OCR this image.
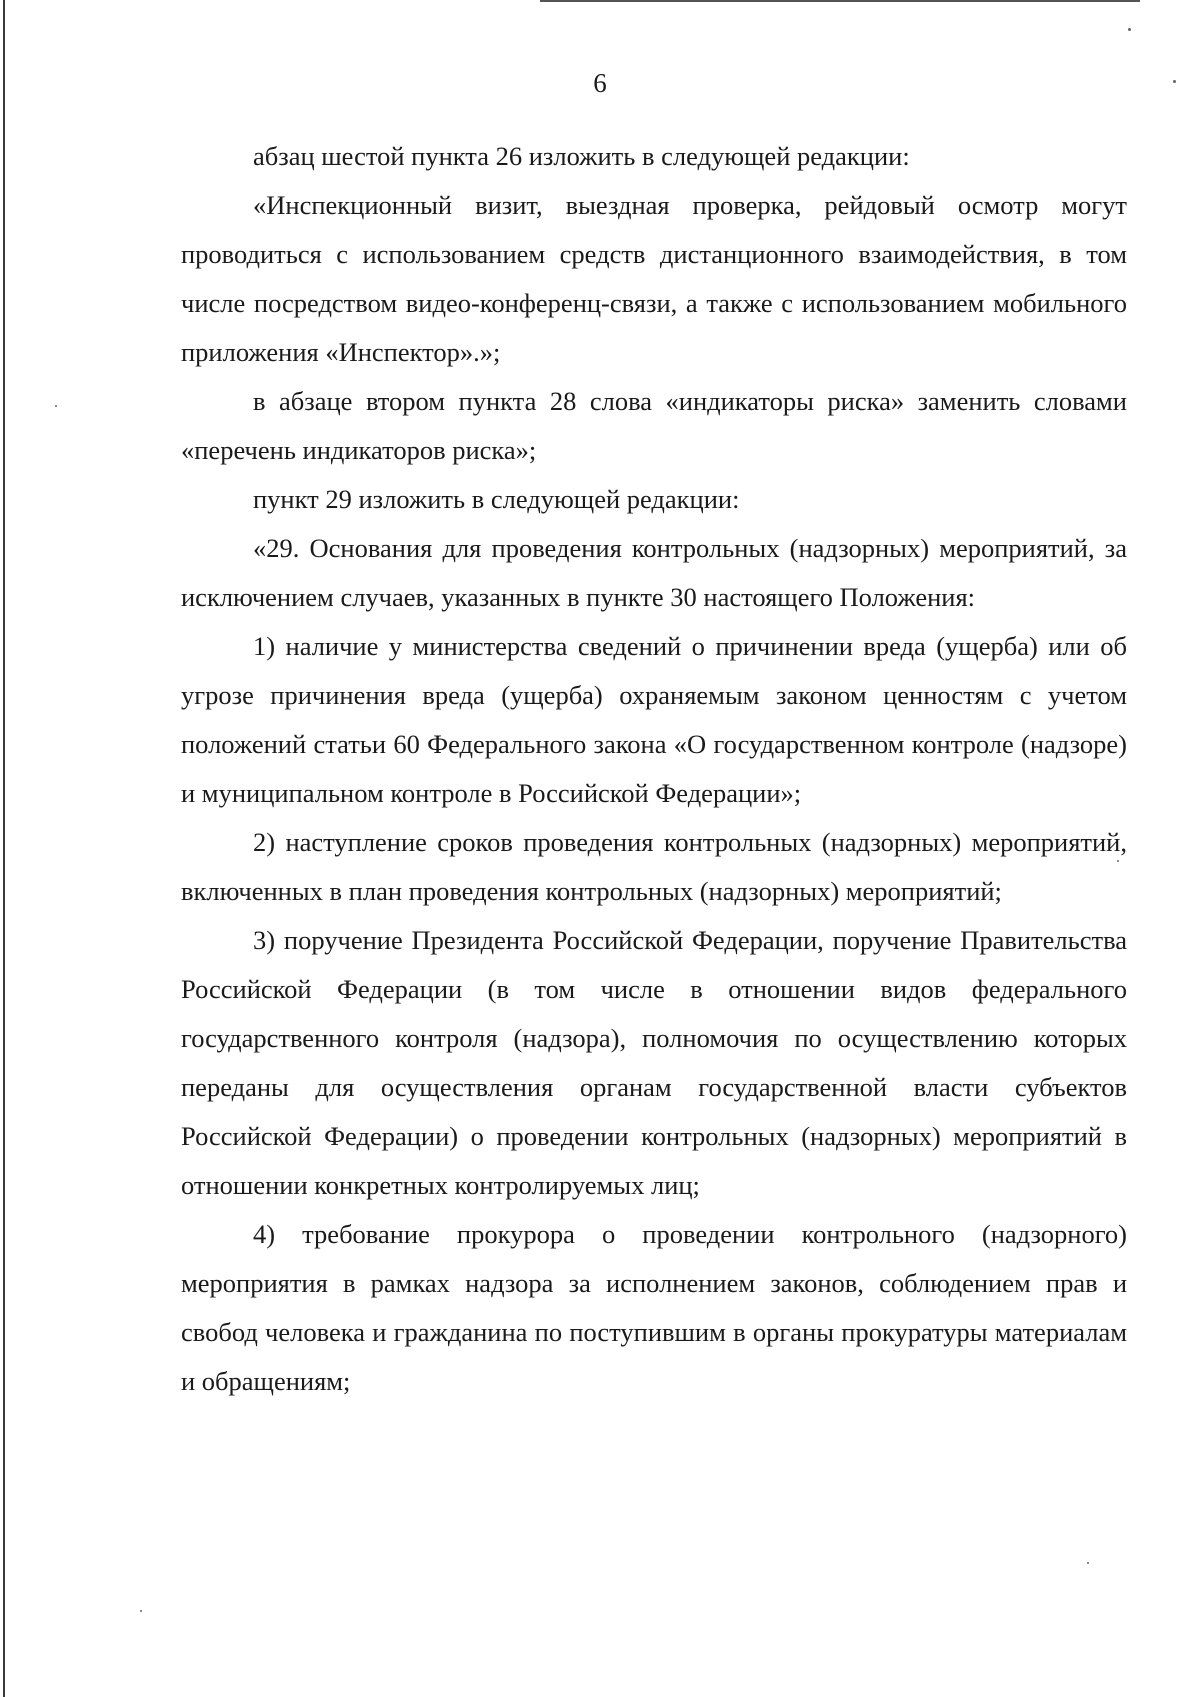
6

абзац шестой пункта 26 изложить в следующей редакции:

«Инспекционный визит, выездная проверка, рейдовый осмотр могут проводиться с использованием средств дистанционного взаимодействия, в том числе посредством видео-конференц-связи, а также с использованием мобильного приложения «Инспектор».»;

в абзаце втором пункта 28 слова «индикаторы риска» заменить словами «перечень индикаторов риска»;

пункт 29 изложить в следующей редакции:

«29. Основания для проведения контрольных (надзорных) мероприятий, за исключением случаев, указанных в пункте 30 настоящего Положения:

1) наличие у министерства сведений о причинении вреда (ущерба) или об угрозе причинения вреда (ущерба) охраняемым законом ценностям с учетом положений статьи 60 Федерального закона «О государственном контроле (надзоре) и муниципальном контроле в Российской Федерации»;

2) наступление сроков проведения контрольных (надзорных) мероприятий, включенных в план проведения контрольных (надзорных) мероприятий;

3) поручение Президента Российской Федерации, поручение Правительства Российской Федерации (в том числе в отношении видов федерального государственного контроля (надзора), полномочия по осуществлению которых переданы для осуществления органам государственной власти субъектов Российской Федерации) о проведении контрольных (надзорных) мероприятий в отношении конкретных контролируемых лиц;

4) требование прокурора о проведении контрольного (надзорного) мероприятия в рамках надзора за исполнением законов, соблюдением прав и свобод человека и гражданина по поступившим в органы прокуратуры материалам и обращениям;
